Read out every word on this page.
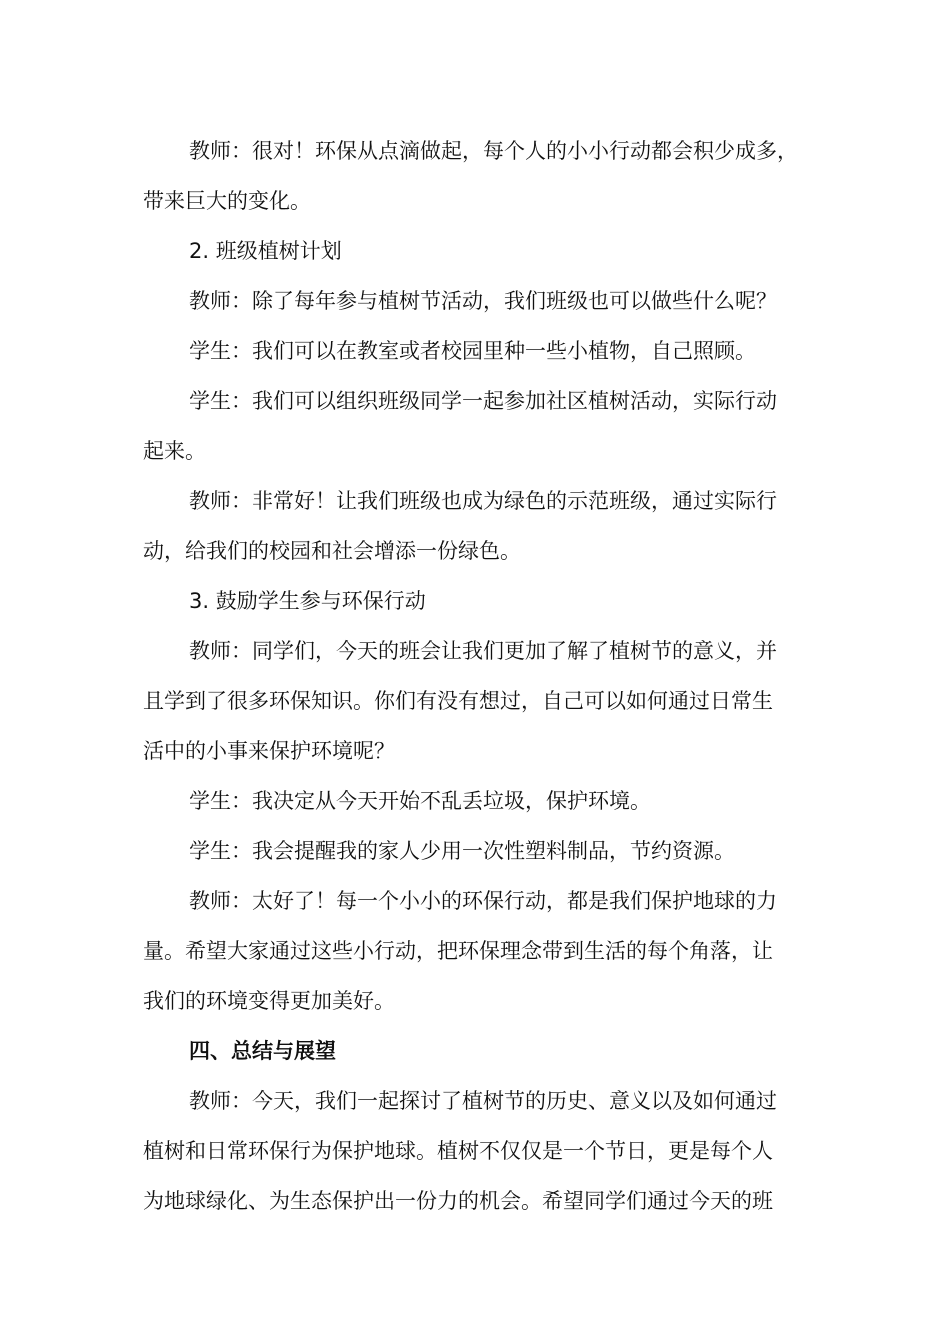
教师：很对！环保从点滴做起，每个人的小小行动都会积少成多，
带来巨大的变化。
2. 班级植树计划
教师：除了每年参与植树节活动，我们班级也可以做些什么呢？
学生：我们可以在教室或者校园里种一些小植物，自己照顾。
学生：我们可以组织班级同学一起参加社区植树活动，实际行动
起来。
教师：非常好！让我们班级也成为绿色的示范班级，通过实际行
动，给我们的校园和社会增添一份绿色。
3. 鼓励学生参与环保行动
教师：同学们，今天的班会让我们更加了解了植树节的意义，并
且学到了很多环保知识。你们有没有想过，自己可以如何通过日常生
活中的小事来保护环境呢？
学生：我决定从今天开始不乱丢垃圾，保护环境。
学生：我会提醒我的家人少用一次性塑料制品，节约资源。
教师：太好了！每一个小小的环保行动，都是我们保护地球的力
量。希望大家通过这些小行动，把环保理念带到生活的每个角落，让
我们的环境变得更加美好。
四、总结与展望
教师：今天，我们一起探讨了植树节的历史、意义以及如何通过
植树和日常环保行为保护地球。植树不仅仅是一个节日，更是每个人
为地球绿化、为生态保护出一份力的机会。希望同学们通过今天的班
